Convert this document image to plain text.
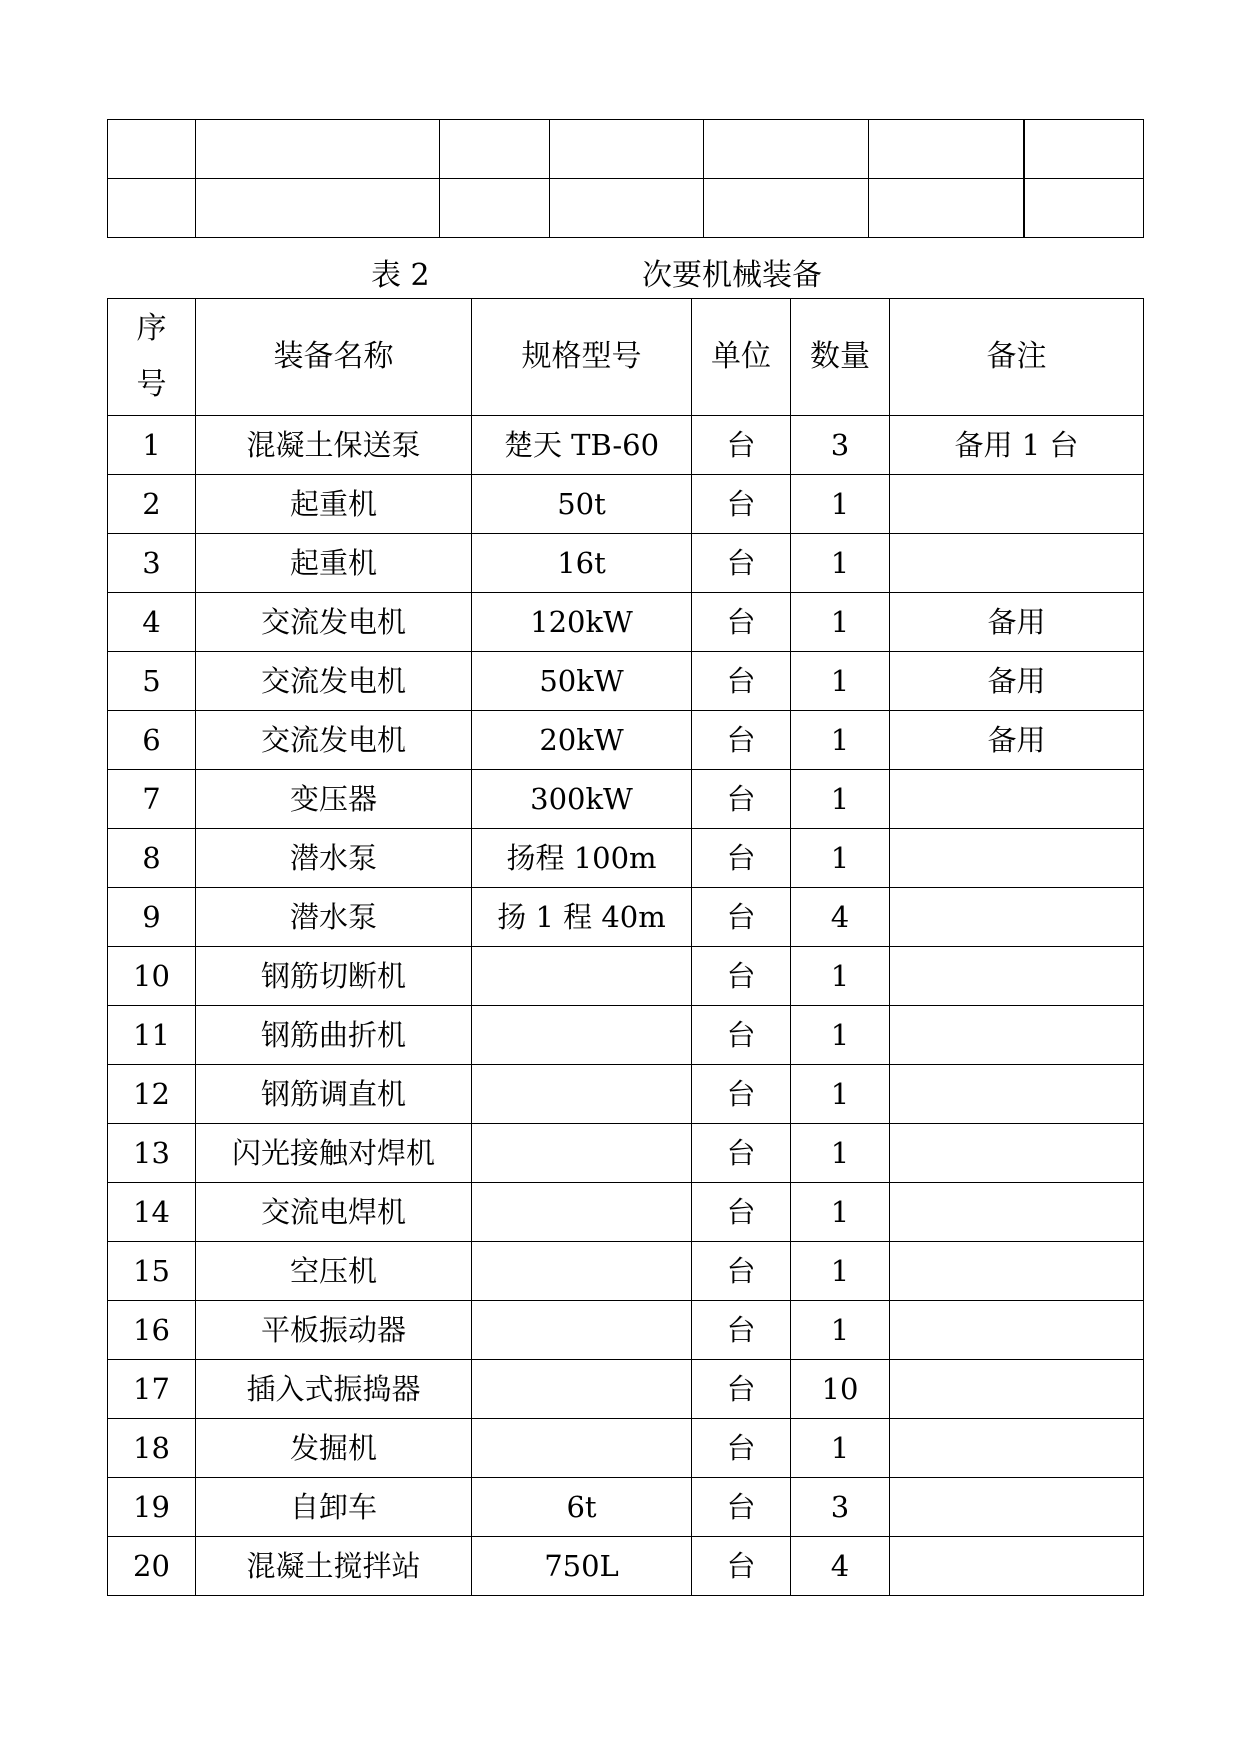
表 2	次要机械装备
序
号	装备名称	规格型号	单位	数量	备注
1	混凝土保送泵	楚天 TB-60	台	3	备用 1 台
2	起重机	50t	台	1	
3	起重机	16t	台	1	
4	交流发电机	120kW	台	1	备用
5	交流发电机	50kW	台	1	备用
6	交流发电机	20kW	台	1	备用
7	变压器	300kW	台	1	
8	潜水泵	扬程 100m	台	1	
9	潜水泵	扬 1 程 40m	台	4	
10	钢筋切断机		台	1	
11	钢筋曲折机		台	1	
12	钢筋调直机		台	1	
13	闪光接触对焊机		台	1	
14	交流电焊机		台	1	
15	空压机		台	1	
16	平板振动器		台	1	
17	插入式振捣器		台	10	
18	发掘机		台	1	
19	自卸车	6t	台	3	
20	混凝土搅拌站	750L	台	4	
